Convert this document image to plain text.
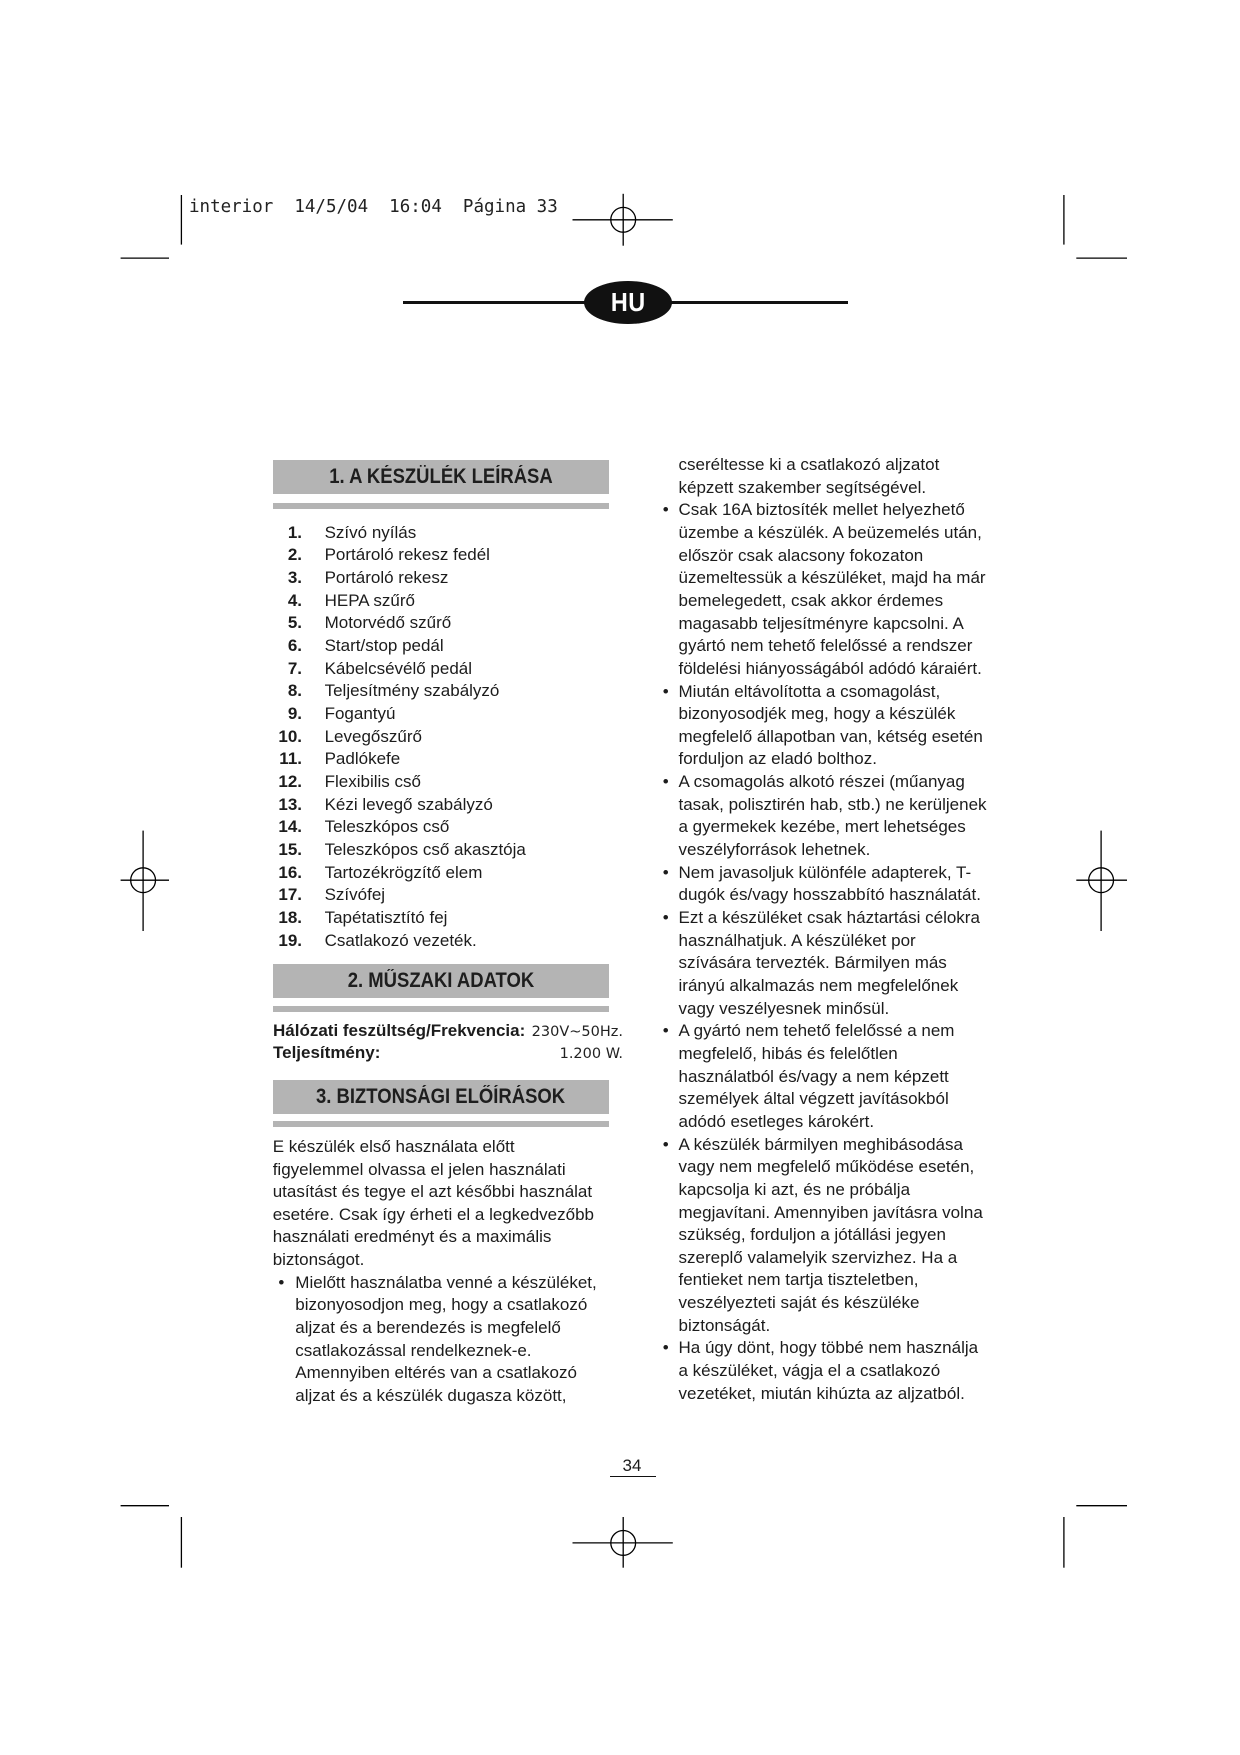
interior  14/5/04  16:04  Página 33
HU
1. A KÉSZÜLÉK LEÍRÁSA
1. Szívó nyílás
2. Portároló rekesz fedél
3. Portároló rekesz
4. HEPA szűrő
5. Motorvédő szűrő
6. Start/stop pedál
7. Kábelcsévélő pedál
8. Teljesítmény szabályzó
9. Fogantyú
10. Levegőszűrő
11. Padlókefe
12. Flexibilis cső
13. Kézi levegő szabályzó
14. Teleszkópos cső
15. Teleszkópos cső akasztója
16. Tartozékrögzítő elem
17. Szívófej
18. Tapétatisztító fej
19. Csatlakozó vezeték.
2. MŰSZAKI ADATOK
Hálózati feszültség/Frekvencia: 230V~50Hz.
Teljesítmény:	1.200 W.
3. BIZTONSÁGI ELŐÍRÁSOK
E készülék első használata előtt
figyelemmel olvassa el jelen használati
utasítást és tegye el azt későbbi használat
esetére. Csak így érheti el a legkedvezőbb
használati eredményt és a maximális
biztonságot.
• Mielőtt használatba venné a készüléket,
bizonyosodjon meg, hogy a csatlakozó
aljzat és a berendezés is megfelelő
csatlakozással rendelkeznek-e.
Amennyiben eltérés van a csatlakozó
aljzat és a készülék dugasza között,
cseréltesse ki a csatlakozó aljzatot
képzett szakember segítségével.
• Csak 16A biztosíték mellet helyezhető
üzembe a készülék. A beüzemelés után,
először csak alacsony fokozaton
üzemeltessük a készüléket, majd ha már
bemelegedett, csak akkor érdemes
magasabb teljesítményre kapcsolni. A
gyártó nem tehető felelőssé a rendszer
földelési hiányosságából adódó káraiért.
• Miután eltávolította a csomagolást,
bizonyosodjék meg, hogy a készülék
megfelelő állapotban van, kétség esetén
forduljon az eladó bolthoz.
• A csomagolás alkotó részei (műanyag
tasak, polisztirén hab, stb.) ne kerüljenek
a gyermekek kezébe, mert lehetséges
veszélyforrások lehetnek.
• Nem javasoljuk különféle adapterek, T-
dugók és/vagy hosszabbító használatát.
• Ezt a készüléket csak háztartási célokra
használhatjuk. A készüléket por
szívására tervezték. Bármilyen más
irányú alkalmazás nem megfelelőnek
vagy veszélyesnek minősül.
• A gyártó nem tehető felelőssé a nem
megfelelő, hibás és felelőtlen
használatból és/vagy a nem képzett
személyek által végzett javításokból
adódó esetleges károkért.
• A készülék bármilyen meghibásodása
vagy nem megfelelő működése esetén,
kapcsolja ki azt, és ne próbálja
megjavítani. Amennyiben javításra volna
szükség, forduljon a jótállási jegyen
szereplő valamelyik szervizhez. Ha a
fentieket nem tartja tiszteletben,
veszélyezteti saját és készüléke
biztonságát.
• Ha úgy dönt, hogy többé nem használja
a készüléket, vágja el a csatlakozó
vezetéket, miután kihúzta az aljzatból.
34
